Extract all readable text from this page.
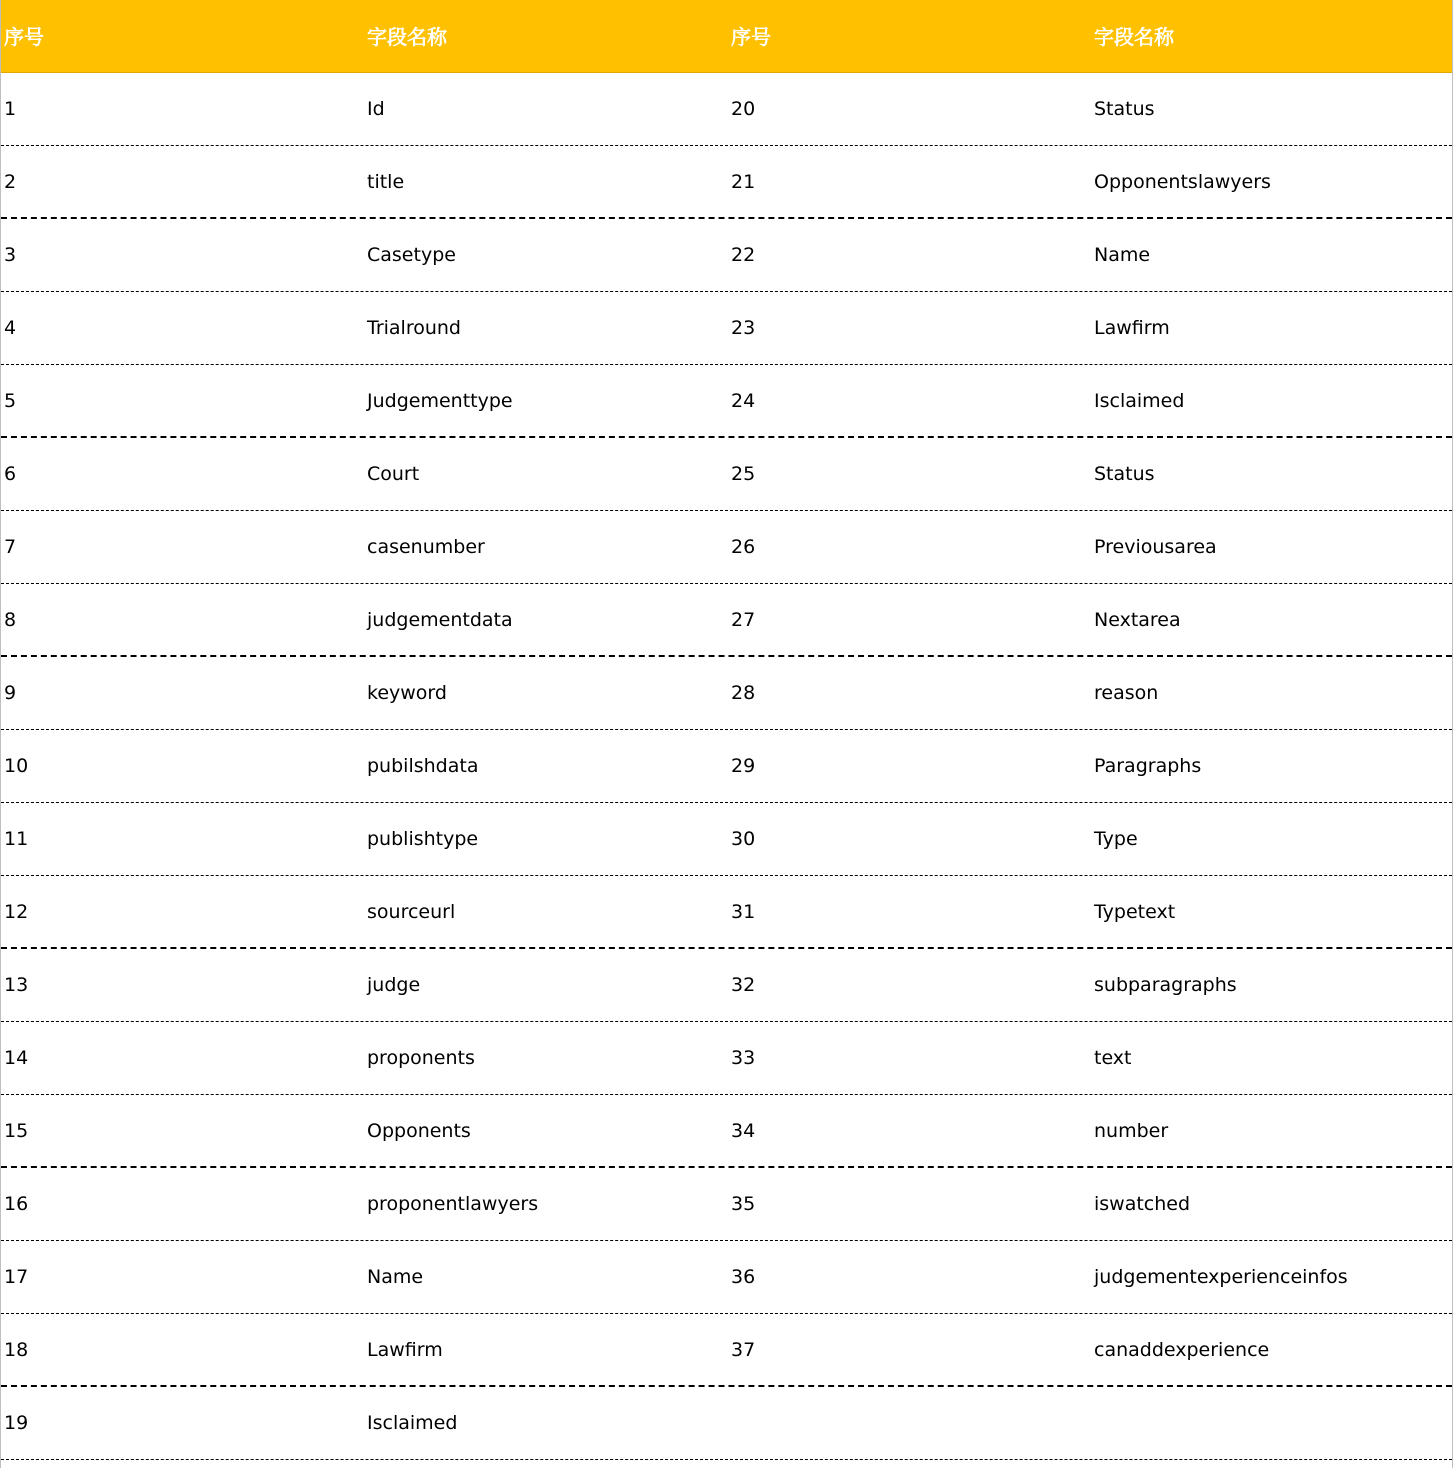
序号	字段名称	序号	字段名称
1	Id	20	Status
2	title	21	Opponentslawyers
3	Casetype	22	Name
4	Trialround	23	Lawfirm
5	Judgementtype	24	Isclaimed
6	Court	25	Status
7	casenumber	26	Previousarea
8	judgementdata	27	Nextarea
9	keyword	28	reason
10	pubilshdata	29	Paragraphs
11	publishtype	30	Type
12	sourceurl	31	Typetext
13	judge	32	subparagraphs
14	proponents	33	text
15	Opponents	34	number
16	proponentlawyers	35	iswatched
17	Name	36	judgementexperienceinfos
18	Lawfirm	37	canaddexperience
19	Isclaimed
